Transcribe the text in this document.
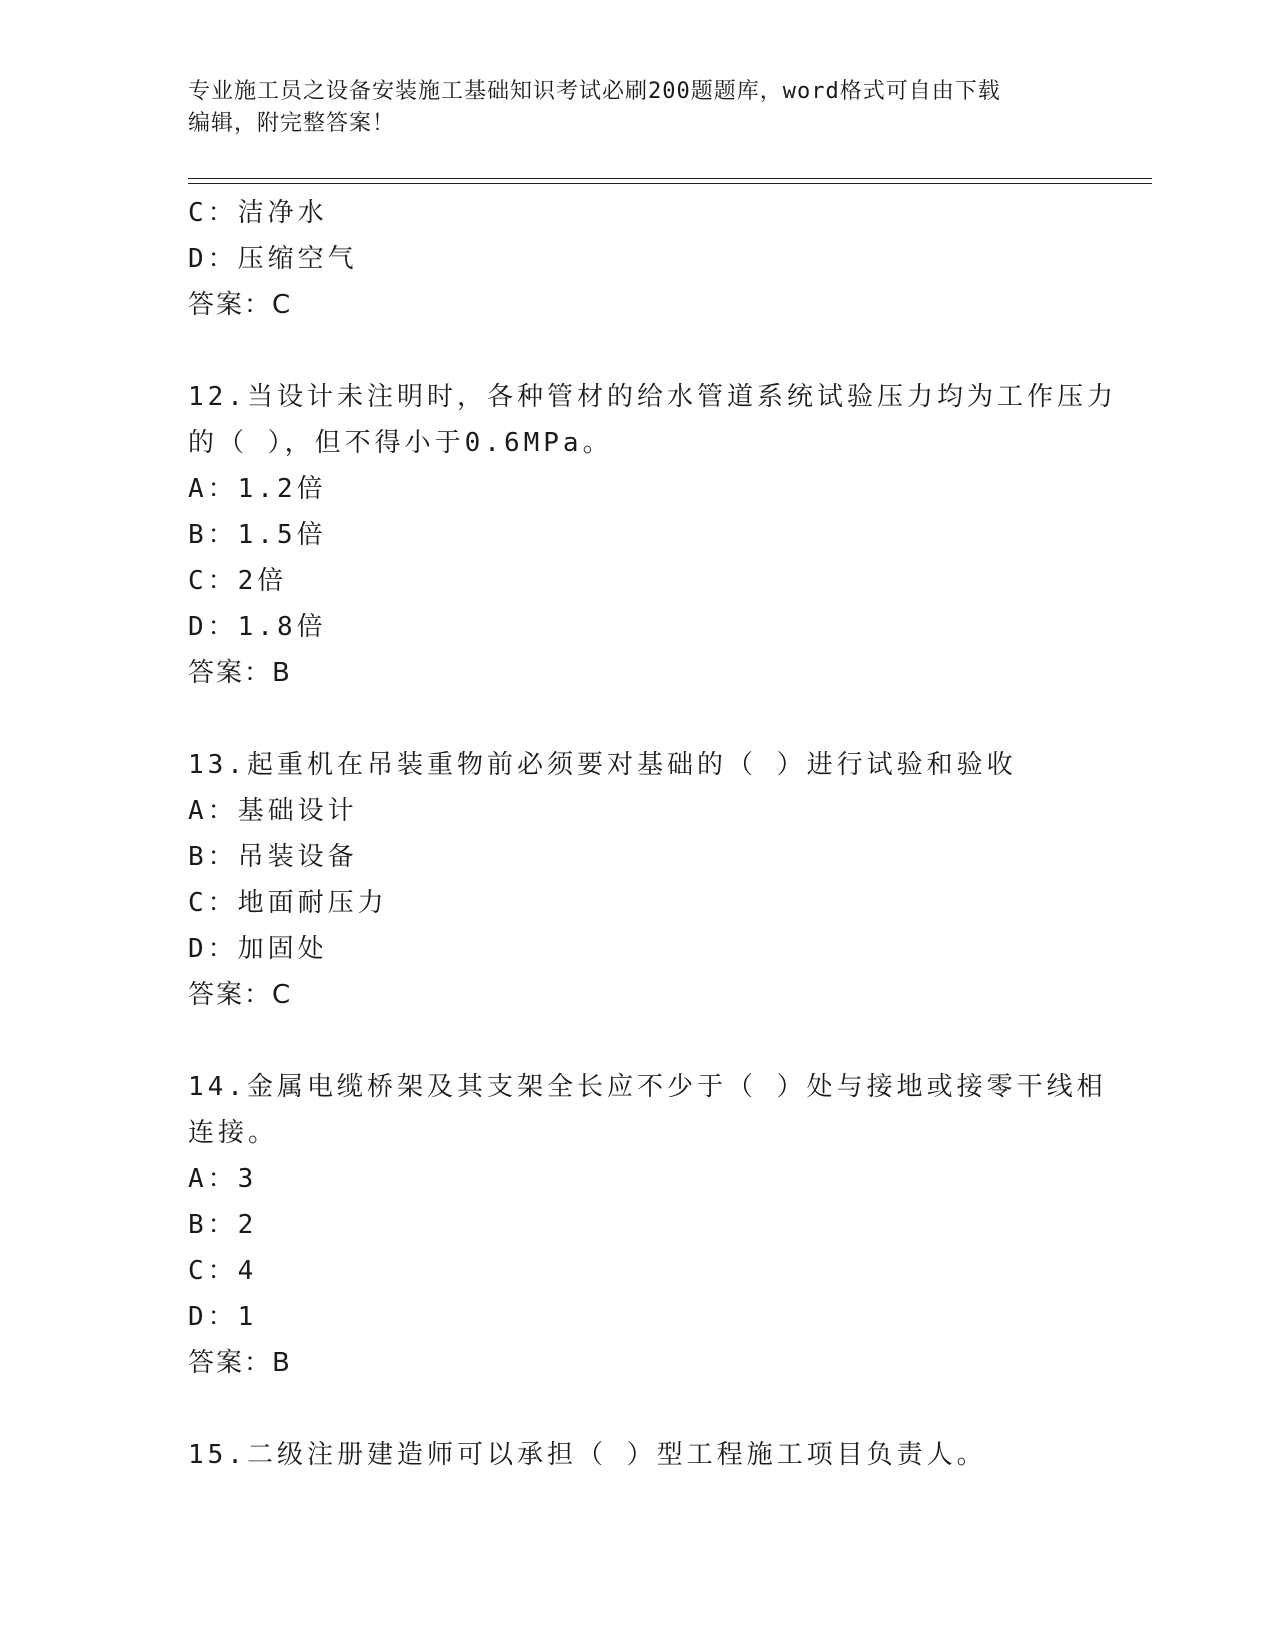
专业施工员之设备安装施工基础知识考试必刷200题题库，word格式可自由下载
编辑，附完整答案！
C：洁净水
D：压缩空气
答案：C
12.当设计未注明时，各种管材的给水管道系统试验压力均为工作压力
的（ ），但不得小于0.6MPa。
A：1.2倍
B：1.5倍
C：2倍
D：1.8倍
答案：B
13.起重机在吊装重物前必须要对基础的（ ）进行试验和验收
A：基础设计
B：吊装设备
C：地面耐压力
D：加固处
答案：C
14.金属电缆桥架及其支架全长应不少于（ ）处与接地或接零干线相
连接。
A：3
B：2
C：4
D：1
答案：B
15.二级注册建造师可以承担（ ）型工程施工项目负责人。
